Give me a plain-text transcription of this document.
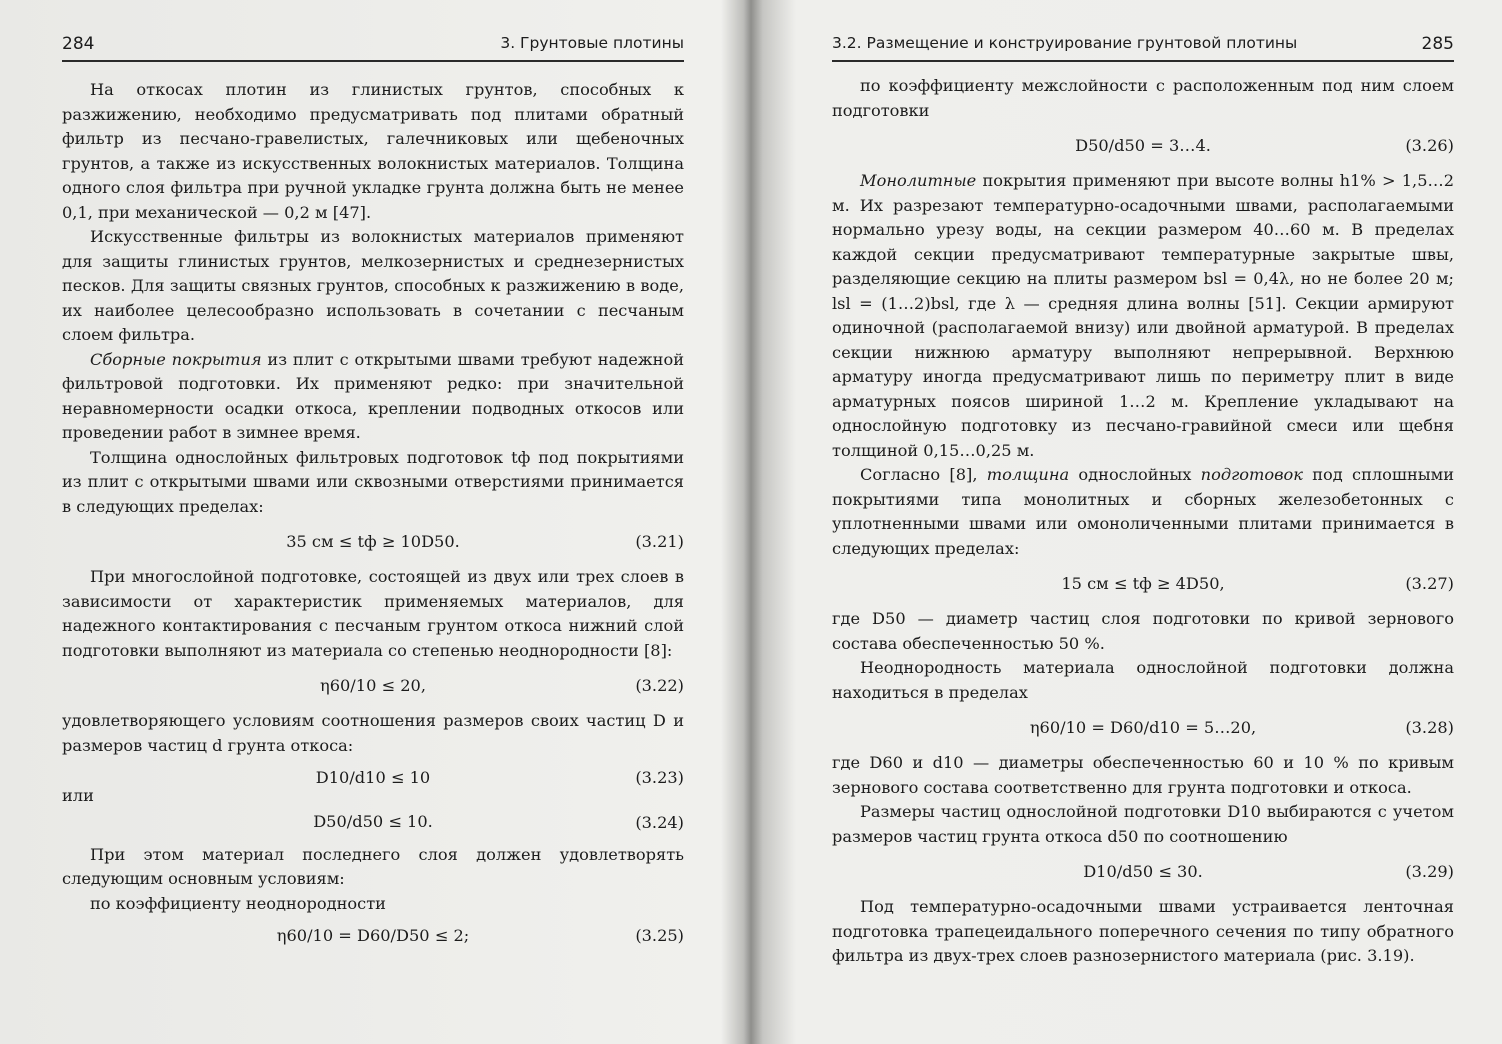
284	3. Грунтовые плотины

На откосах плотин из глинистых грунтов, способных к разжижению, необходимо предусматривать под плитами обратный фильтр из песчано-гравелистых, галечниковых или щебеночных грунтов, а также из искусственных волокнистых материалов. Толщина одного слоя фильтра при ручной укладке грунта должна быть не менее 0,1, при механической — 0,2 м [47].

Искусственные фильтры из волокнистых материалов применяют для защиты глинистых грунтов, мелкозернистых и среднезернистых песков. Для защиты связных грунтов, способных к разжижению в воде, их наиболее целесообразно использовать в сочетании с песчаным слоем фильтра.

Сборные покрытия из плит с открытыми швами требуют надежной фильтровой подготовки. Их применяют редко: при значительной неравномерности осадки откоса, креплении подводных откосов или проведении работ в зимнее время.

Толщина однослойных фильтровых подготовок tф под покрытиями из плит с открытыми швами или сквозными отверстиями принимается в следующих пределах:

35 см ≤ tф ≥ 10D50.	(3.21)

При многослойной подготовке, состоящей из двух или трех слоев в зависимости от характеристик применяемых материалов, для надежного контактирования с песчаным грунтом откоса нижний слой подготовки выполняют из материала со степенью неоднородности [8]:

η60/10 ≤ 20,	(3.22)

удовлетворяющего условиям соотношения размеров своих частиц D и размеров частиц d грунта откоса:

D10/d10 ≤ 10	(3.23)

или

D50/d50 ≤ 10.	(3.24)

При этом материал последнего слоя должен удовлетворять следующим основным условиям:

по коэффициенту неоднородности

η60/10 = D60/D50 ≤ 2;	(3.25)
3.2. Размещение и конструирование грунтовой плотины	285

по коэффициенту межслойности с расположенным под ним слоем подготовки

D50/d50 = 3…4.	(3.26)

Монолитные покрытия применяют при высоте волны h1% > 1,5…2 м. Их разрезают температурно-осадочными швами, располагаемыми нормально урезу воды, на секции размером 40…60 м. В пределах каждой секции предусматривают температурные закрытые швы, разделяющие секцию на плиты размером bsl = 0,4λ, но не более 20 м; lsl = (1…2)bsl, где λ — средняя длина волны [51]. Секции армируют одиночной (располагаемой внизу) или двойной арматурой. В пределах секции нижнюю арматуру выполняют непрерывной. Верхнюю арматуру иногда предусматривают лишь по периметру плит в виде арматурных поясов шириной 1…2 м. Крепление укладывают на однослойную подготовку из песчано-гравийной смеси или щебня толщиной 0,15…0,25 м.

Согласно [8], толщина однослойных подготовок под сплошными покрытиями типа монолитных и сборных железобетонных с уплотненными швами или омоноличенными плитами принимается в следующих пределах:

15 см ≤ tф ≥ 4D50,	(3.27)

где D50 — диаметр частиц слоя подготовки по кривой зернового состава обеспеченностью 50 %.

Неоднородность материала однослойной подготовки должна находиться в пределах

η60/10 = D60/d10 = 5…20,	(3.28)

где D60 и d10 — диаметры обеспеченностью 60 и 10 % по кривым зернового состава соответственно для грунта подготовки и откоса.

Размеры частиц однослойной подготовки D10 выбираются с учетом размеров частиц грунта откоса d50 по соотношению

D10/d50 ≤ 30.	(3.29)

Под температурно-осадочными швами устраивается ленточная подготовка трапецеидального поперечного сечения по типу обратного фильтра из двух-трех слоев разнозернистого материала (рис. 3.19).
